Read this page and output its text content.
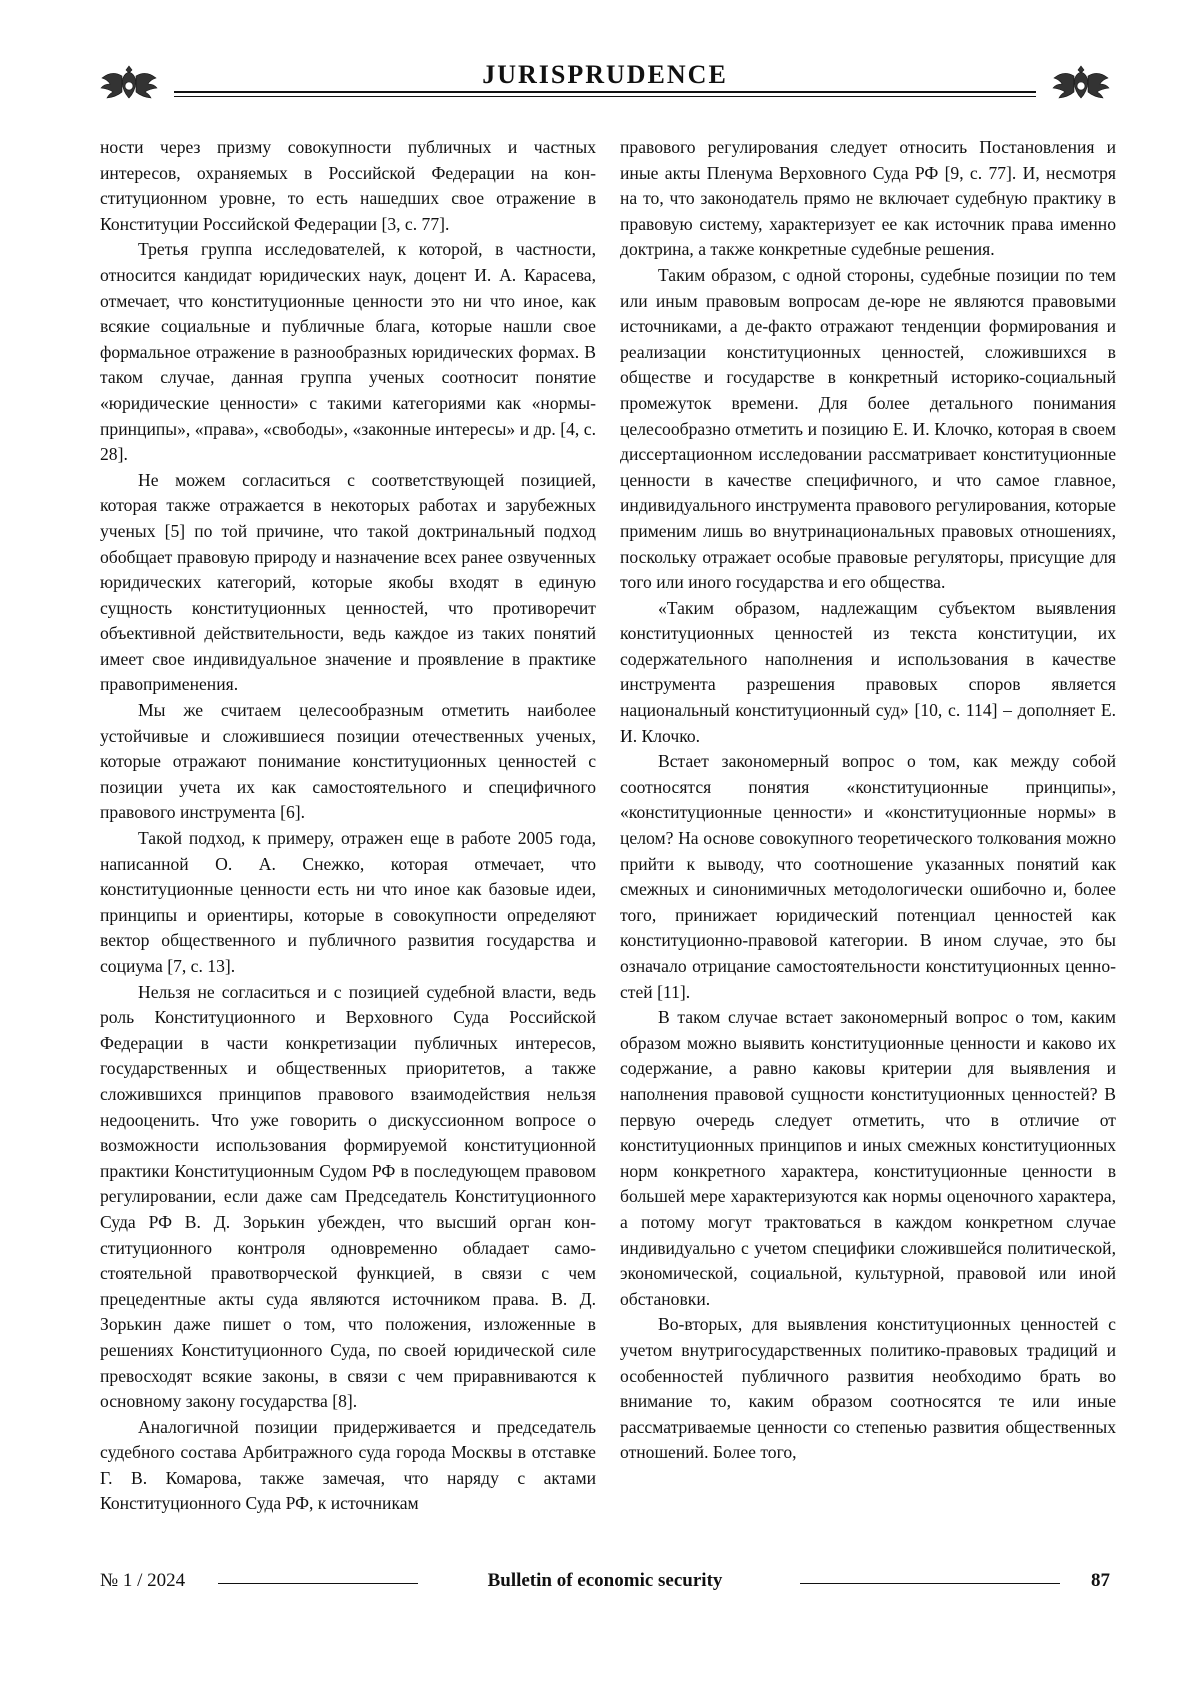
JURISPRUDENCE

ности через призму совокупности публичных и частных интересов, охраняемых в Российской Федерации на конституционном уровне, то есть нашедших свое отражение в Конституции Российской Федерации [3, с. 77].

Третья группа исследователей, к которой, в частности, относится кандидат юридических наук, доцент И. А. Карасева, отмечает, что конституционные ценности это ни что иное, как всякие социальные и публичные блага, которые нашли свое формальное отражение в разнообразных юридических формах. В таком случае, данная группа ученых соотносит понятие «юридические ценности» с такими категориями как «нормы-принципы», «права», «свободы», «законные интересы» и др. [4, с. 28].

Не можем согласиться с соответствующей позицией, которая также отражается в некоторых работах и зарубежных ученых [5] по той причине, что такой доктринальный подход обобщает правовую природу и назначение всех ранее озвученных юридических категорий, которые якобы входят в единую сущность конституционных ценностей, что противоречит объективной действительности, ведь каждое из таких понятий имеет свое индивидуальное значение и проявление в практике правоприменения.

Мы же считаем целесообразным отметить наиболее устойчивые и сложившиеся позиции отечественных ученых, которые отражают понимание конституционных ценностей с позиции учета их как самостоятельного и специфичного правового инструмента [6].

Такой подход, к примеру, отражен еще в работе 2005 года, написанной О. А. Снежко, которая отмечает, что конституционные ценности есть ни что иное как базовые идеи, принципы и ориентиры, которые в совокупности определяют вектор общественного и публичного развития государства и социума [7, с. 13].

Нельзя не согласиться и с позицией судебной власти, ведь роль Конституционного и Верховного Суда Российской Федерации в части конкретизации публичных интересов, государственных и общественных приоритетов, а также сложившихся принципов правового взаимодействия нельзя недооценить. Что уже говорить о дискуссионном вопросе о возможности использования формируемой конституционной практики Конституционным Судом РФ в последующем правовом регулировании, если даже сам Председатель Конституционного Суда РФ В. Д. Зорькин убежден, что высший орган конституционного контроля одновременно обладает самостоятельной правотворческой функцией, в связи с чем прецедентные акты суда являются источником права. В. Д. Зорькин даже пишет о том, что положения, изложенные в решениях Конституционного Суда, по своей юридической силе превосходят всякие законы, в связи с чем приравниваются к основному закону государства [8].

Аналогичной позиции придерживается и председатель судебного состава Арбитражного суда города Москвы в отставке Г. В. Комарова, также замечая, что наряду с актами Конституционного Суда РФ, к источникам

правового регулирования следует относить Постановления и иные акты Пленума Верховного Суда РФ [9, с. 77]. И, несмотря на то, что законодатель прямо не включает судебную практику в правовую систему, характеризует ее как источник права именно доктрина, а также конкретные судебные решения.

Таким образом, с одной стороны, судебные позиции по тем или иным правовым вопросам де-юре не являются правовыми источниками, а де-факто отражают тенденции формирования и реализации конституционных ценностей, сложившихся в обществе и государстве в конкретный историко-социальный промежуток времени. Для более детального понимания целесообразно отметить и позицию Е. И. Клочко, которая в своем диссертационном исследовании рассматривает конституционные ценности в качестве специфичного, и что самое главное, индивидуального инструмента правового регулирования, которые применим лишь во внутринациональных правовых отношениях, поскольку отражает особые правовые регуляторы, присущие для того или иного государства и его общества.

«Таким образом, надлежащим субъектом выявления конституционных ценностей из текста конституции, их содержательного наполнения и использования в качестве инструмента разрешения правовых споров является национальный конституционный суд» [10, с. 114] – дополняет Е. И. Клочко.

Встает закономерный вопрос о том, как между собой соотносятся понятия «конституционные принципы», «конституционные ценности» и «конституционные нормы» в целом? На основе совокупного теоретического толкования можно прийти к выводу, что соотношение указанных понятий как смежных и синонимичных методологически ошибочно и, более того, принижает юридический потенциал ценностей как конституционно-правовой категории. В ином случае, это бы означало отрицание самостоятельности конституционных ценностей [11].

В таком случае встает закономерный вопрос о том, каким образом можно выявить конституционные ценности и каково их содержание, а равно каковы критерии для выявления и наполнения правовой сущности конституционных ценностей? В первую очередь следует отметить, что в отличие от конституционных принципов и иных смежных конституционных норм конкретного характера, конституционные ценности в большей мере характеризуются как нормы оценочного характера, а потому могут трактоваться в каждом конкретном случае индивидуально с учетом специфики сложившейся политической, экономической, социальной, культурной, правовой или иной обстановки.

Во-вторых, для выявления конституционных ценностей с учетом внутригосударственных политико-правовых традиций и особенностей публичного развития необходимо брать во внимание то, каким образом соотносятся те или иные рассматриваемые ценности со степенью развития общественных отношений. Более того,

№ 1 / 2024	Bulletin of economic security	87
